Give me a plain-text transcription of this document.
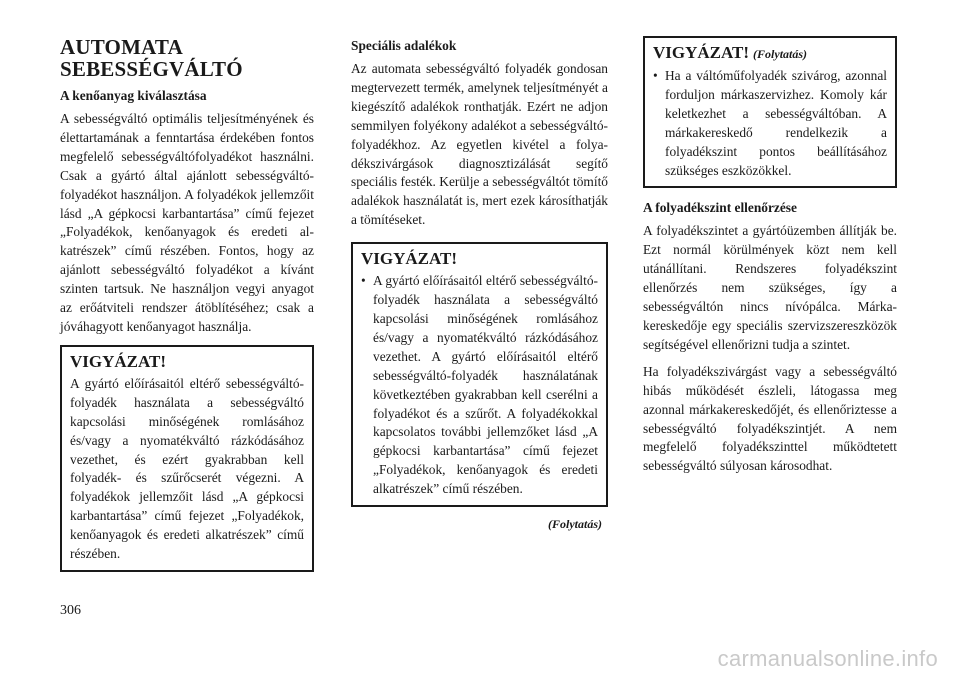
AUTOMATA
SEBESSÉGVÁLTÓ
A kenőanyag kiválasztása

A sebességváltó optimális teljesítményének és élettartamának a fenntartása érdekében fontos megfelelő sebességváltófolyadékot használni. Csak a gyártó által ajánlott sebességváltó-folyadékot használjon. A folyadékok jellemzőit lásd „A gépkocsi karbantartása” című fejezet „Folyadékok, kenőanyagok és eredeti alkatrészek” című részében. Fontos, hogy az ajánlott sebességváltó folyadékot a kívánt szinten tartsuk. Ne használjon vegyi anyagot az erőátviteli rendszer átöblítéséhez; csak a jóváhagyott kenőanyagot használja.

VIGYÁZAT!

A gyártó előírásaitól eltérő sebességváltó-folyadék használata a sebességváltó kapcsolási minőségének romlásához és/vagy a nyomatékváltó rázkódásához vezethet, és ezért gyakrabban kell folyadék- és szűrőcserét végezni. A folyadékok jellemzőit lásd „A gépkocsi karbantartása” című fejezet „Folyadékok, kenőanyagok és eredeti alkatrészek” című részében.

Speciális adalékok

Az automata sebességváltó folyadék gondosan megtervezett termék, amelynek teljesítményét a kiegészítő adalékok ronthatják. Ezért ne adjon semmilyen folyékony adalékot a sebességváltófolyadékhoz. Az egyetlen kivétel a folyadékszivárgások diagnosztizálását segítő speciális festék. Kerülje a sebességváltót tömítő adalékok használatát is, mert ezek károsíthatják a tömítéseket.

VIGYÁZAT!
• A gyártó előírásaitól eltérő sebességváltó-folyadék használata a sebességváltó kapcsolási minőségének romlásához és/vagy a nyomatékváltó rázkódásához vezethet. A gyártó előírásaitól eltérő sebességváltó-folyadék használatának következtében gyakrabban kell cserélni a folyadékot és a szűrőt. A folyadékokkal kapcsolatos további jellemzőket lásd „A gépkocsi karbantartása” című fejezet „Folyadékok, kenőanyagok és eredeti alkatrészek” című részében.
(Folytatás)
VIGYÁZAT! (Folytatás)
• Ha a váltóműfolyadék szivárog, azonnal forduljon márkaszervizhez. Komoly kár keletkezhet a sebességváltóban. A márkakereskedő rendelkezik a folyadékszint pontos beállításához szükséges eszközökkel.
A folyadékszint ellenőrzése

A folyadékszintet a gyártóüzemben állítják be. Ezt normál körülmények közt nem kell utánállítani. Rendszeres folyadékszint ellenőrzés nem szükséges, így a sebességváltón nincs nívópálca. Márkakereskedője egy speciális szervizszereszközök segítségével ellenőrizni tudja a szintet.

Ha folyadékszivárgást vagy a sebességváltó hibás működését észleli, látogassa meg azonnal márkakereskedőjét, és ellenőriztesse a sebességváltó folyadékszintjét. A nem megfelelő folyadékszinttel működtetett sebességváltó súlyosan károsodhat.

306
carmanualsonline.info
